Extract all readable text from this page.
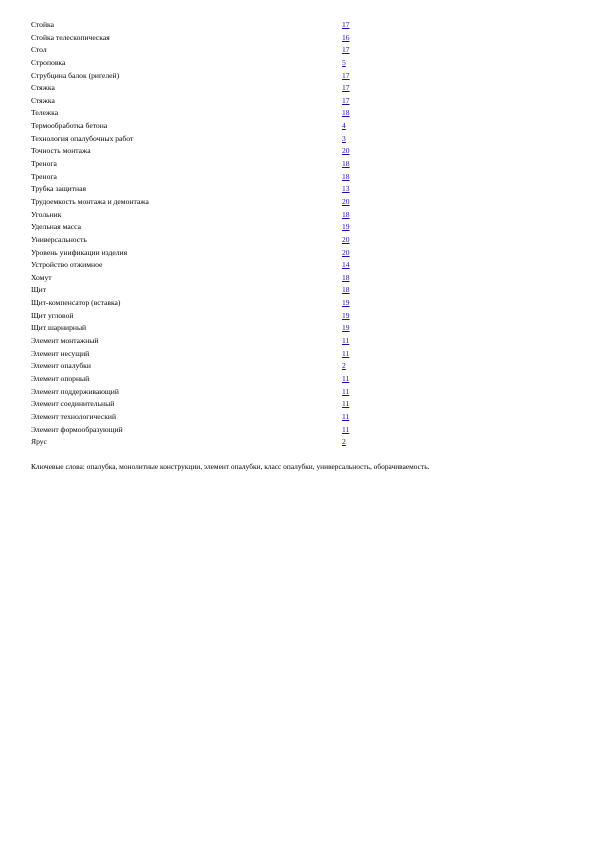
Стойка	17
Стойка телескопическая	16
Стол	17
Строповка	5
Струбцина балок (ригелей)	17
Стяжка	17
Стяжка	17
Тележка	18
Термообработка бетона	4
Технология опалубочных работ	3
Точность монтажа	20
Тренога	18
Тренога	18
Трубка защитная	13
Трудоемкость монтажа и демонтажа	20
Угольник	18
Удельная масса	19
Универсальность	20
Уровень унификации изделия	20
Устройство отжимное	14
Хомут	18
Щит	18
Щит-компенсатор (вставка)	19
Щит угловой	19
Щит шарнирный	19
Элемент монтажный	11
Элемент несущий	11
Элемент опалубки	2
Элемент опорный	11
Элемент поддерживающий	11
Элемент соединительный	11
Элемент технологический	11
Элемент формообразующий	11
Ярус	2
Ключевые слова: опалубка, монолитные конструкции, элемент опалубки, класс опалубки, универсальность, оборачиваемость.
